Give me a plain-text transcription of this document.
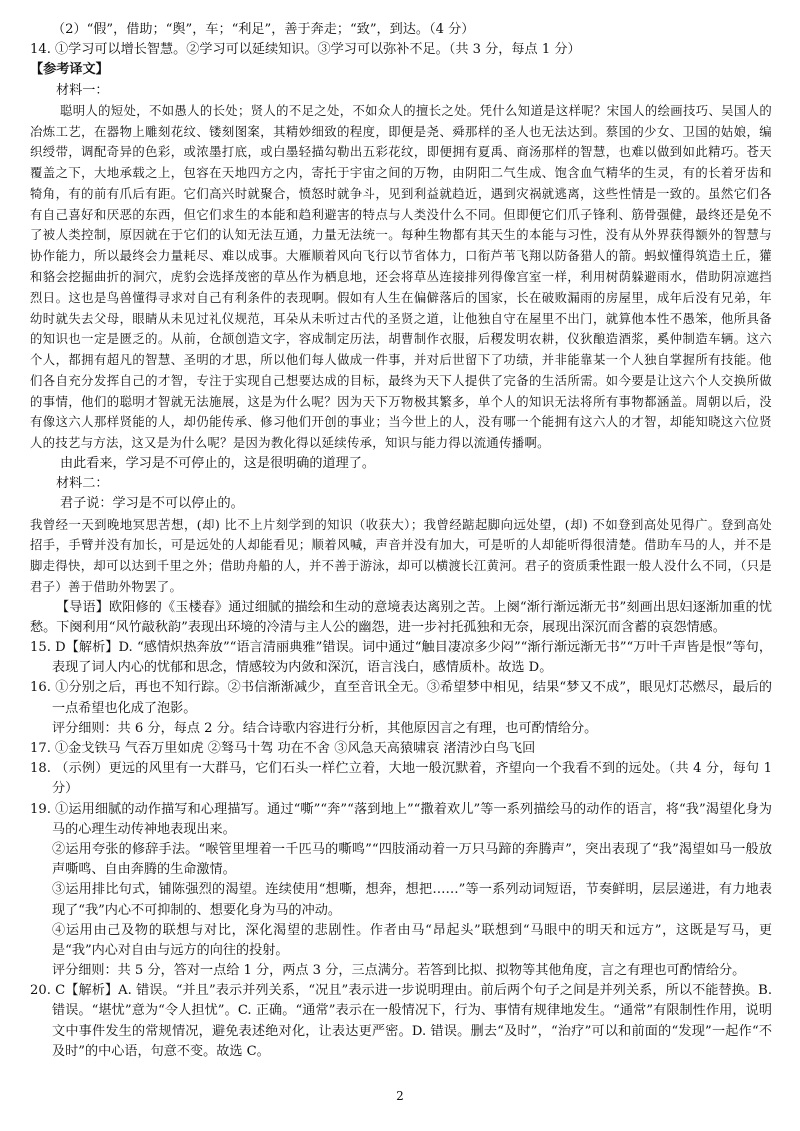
（2）“假”，借助；“舆”，车；“利足”，善于奔走；“致”，到达。（4 分）

14. ①学习可以增长智慧。②学习可以延续知识。③学习可以弥补不足。（共 3 分，每点 1 分）

【参考译文】

材料一：

聪明人的短处，不如愚人的长处；贤人的不足之处，不如众人的擅长之处。凭什么知道是这样呢？宋国人的绘画技巧、吴国人的冶炼工艺，在器物上雕刻花纹、镂刻图案，其精妙细致的程度，即便是尧、舜那样的圣人也无法达到。蔡国的少女、卫国的姑娘，编织绶带，调配奇异的色彩，或浓墨打底，或白墨轻描勾勒出五彩花纹，即便拥有夏禹、商汤那样的智慧，也难以做到如此精巧。苍天覆盖之下，大地承载之上，包容在天地四方之内，寄托于宇宙之间的万物，由阴阳二气生成、饱含血气精华的生灵，有的长着牙齿和犄角，有的前有爪后有距。它们高兴时就聚合，愤怒时就争斗，见到利益就趋近，遇到灾祸就逃离，这些性情是一致的。虽然它们各有自己喜好和厌恶的东西，但它们求生的本能和趋利避害的特点与人类没什么不同。但即便它们爪子锋利、筋骨强健，最终还是免不了被人类控制，原因就在于它们的认知无法互通，力量无法统一。每种生物都有其天生的本能与习性，没有从外界获得额外的智慧与协作能力，所以最终会力量耗尽、难以成事。大雁顺着风向飞行以节省体力，口衔芦苇飞翔以防备猎人的箭。蚂蚁懂得筑造土丘，獾和貉会挖掘曲折的洞穴，虎豹会选择茂密的草丛作为栖息地，还会将草丛连接排列得像宫室一样，利用树荫躲避雨水，借助阴凉遮挡烈日。这也是鸟兽懂得寻求对自己有利条件的表现啊。假如有人生在偏僻落后的国家，长在破败漏雨的房屋里，成年后没有兄弟，年幼时就失去父母，眼睛从未见过礼仪规范，耳朵从未听过古代的圣贤之道，让他独自守在屋里不出门，就算他本性不愚笨，他所具备的知识也一定是匮乏的。从前，仓颉创造文字，容成制定历法，胡曹制作衣服，后稷发明农耕，仪狄酿造酒浆，奚仲制造车辆。这六个人，都拥有超凡的智慧、圣明的才思，所以他们每人做成一件事，并对后世留下了功绩，并非能靠某一个人独自掌握所有技能。他们各自充分发挥自己的才智，专注于实现自己想要达成的目标，最终为天下人提供了完备的生活所需。如今要是让这六个人交换所做的事情，他们的聪明才智就无法施展，这是为什么呢？因为天下万物极其繁多，单个人的知识无法将所有事物都涵盖。周朝以后，没有像这六人那样贤能的人，却仍能传承、修习他们开创的事业；当今世上的人，没有哪一个能拥有这六人的才智，却能知晓这六位贤人的技艺与方法，这又是为什么呢？是因为教化得以延续传承，知识与能力得以流通传播啊。

由此看来，学习是不可停止的，这是很明确的道理了。

材料二：

君子说：学习是不可以停止的。

我曾经一天到晚地冥思苦想，(却) 比不上片刻学到的知识（收获大）；我曾经踮起脚向远处望，(却) 不如登到高处见得广。登到高处招手，手臂并没有加长，可是远处的人却能看见；顺着风喊，声音并没有加大，可是听的人却能听得很清楚。借助车马的人，并不是脚走得快，却可以达到千里之外；借助舟船的人，并不善于游泳，却可以横渡长江黄河。君子的资质秉性跟一般人没什么不同，（只是君子）善于借助外物罢了。

【导语】欧阳修的《玉楼春》通过细腻的描绘和生动的意境表达离别之苦。上阕“渐行渐远渐无书”刻画出思妇逐渐加重的忧愁。下阕利用“风竹敲秋韵”表现出环境的冷清与主人公的幽怨，进一步衬托孤独和无奈，展现出深沉而含蓄的哀怨情感。

15. D【解析】D. “感情炽热奔放”“语言清丽典雅”错误。词中通过“触目凄凉多少闷”“渐行渐远渐无书”“万叶千声皆是恨”等句，表现了词人内心的忧郁和思念，情感较为内敛和深沉，语言浅白，感情质朴。故选 D。

16. ①分别之后，再也不知行踪。②书信渐渐减少，直至音讯全无。③希望梦中相见，结果“梦又不成”，眼见灯芯燃尽，最后的一点希望也化成了泡影。

评分细则：共 6 分，每点 2 分。结合诗歌内容进行分析，其他原因言之有理，也可酌情给分。

17. ①金戈铁马 气吞万里如虎 ②驽马十驾 功在不舍 ③风急天高猿啸哀 渚清沙白鸟飞回

18. （示例）更远的风里有一大群马，它们石头一样伫立着，大地一般沉默着，齐望向一个我看不到的远处。（共 4 分，每句 1 分）

19. ①运用细腻的动作描写和心理描写。通过“嘶”“奔”“落到地上”“撒着欢儿”等一系列描绘马的动作的语言，将“我”渴望化身为马的心理生动传神地表现出来。

②运用夸张的修辞手法。“喉管里埋着一千匹马的嘶鸣”“四肢涌动着一万只马蹄的奔腾声”，突出表现了“我”渴望如马一般放声嘶鸣、自由奔腾的生命激情。

③运用排比句式，铺陈强烈的渴望。连续使用“想嘶，想奔，想把……”等一系列动词短语，节奏鲜明，层层递进，有力地表现了“我”内心不可抑制的、想要化身为马的冲动。

④运用由己及物的联想与对比，深化渴望的悲剧性。作者由马“昂起头”联想到“马眼中的明天和远方”，这既是写马，更是“我”内心对自由与远方的向往的投射。

评分细则：共 5 分，答对一点给 1 分，两点 3 分，三点满分。若答到比拟、拟物等其他角度，言之有理也可酌情给分。

20. C【解析】A. 错误。“并且”表示并列关系，“况且”表示进一步说明理由。前后两个句子之间是并列关系，所以不能替换。B. 错误。“堪忧”意为“令人担忧”。C. 正确。“通常”表示在一般情况下，行为、事情有规律地发生。“通常”有限制性作用，说明文中事件发生的常规情况，避免表述绝对化，让表达更严密。D. 错误。删去“及时”，“治疗”可以和前面的“发现”一起作“不及时”的中心语，句意不变。故选 C。

2
